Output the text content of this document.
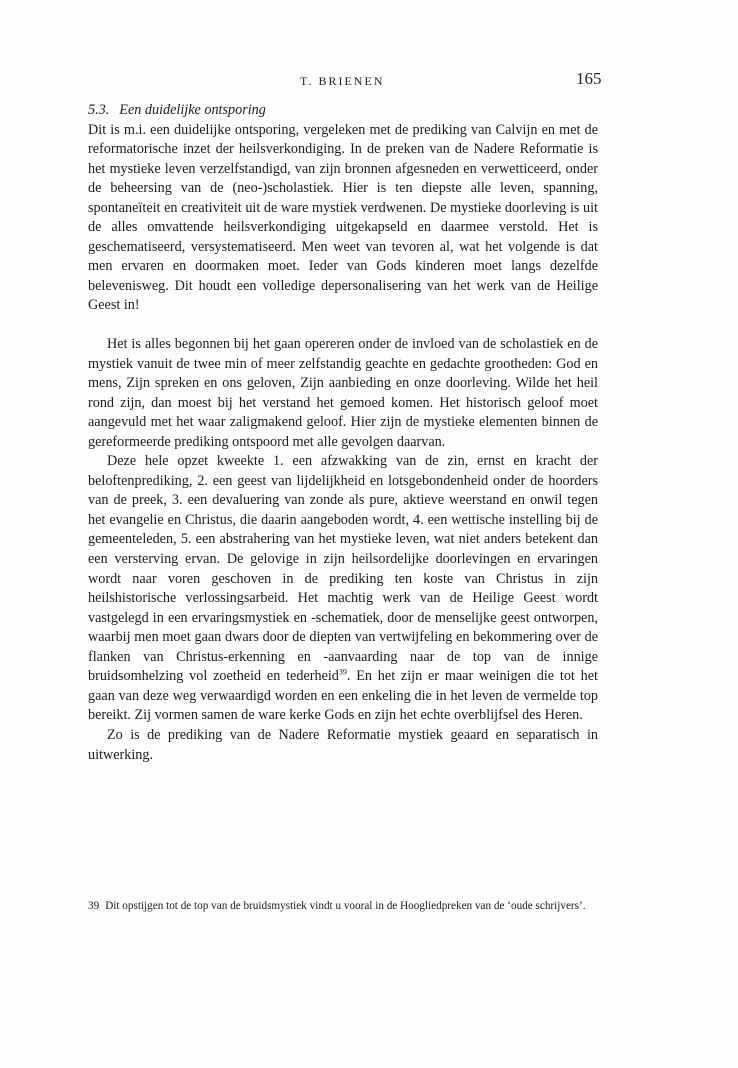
T. BRIENEN	165

5.3. Een duidelijke ontsporing

Dit is m.i. een duidelijke ontsporing, vergeleken met de prediking van Calvijn en met de reformatorische inzet der heilsverkondiging. In de preken van de Nadere Reformatie is het mystieke leven verzelfstandigd, van zijn bronnen afgesneden en verwetticeerd, onder de beheersing van de (neo-)scholastiek. Hier is ten diepste alle leven, spanning, spontaneïteit en creativiteit uit de ware mystiek verdwenen. De mystieke doorleving is uit de alles omvattende heilsverkondiging uitgekapseld en daarmee verstold. Het is geschematiseerd, versystematiseerd. Men weet van tevoren al, wat het volgende is dat men ervaren en doormaken moet. Ieder van Gods kinderen moet langs dezelfde belevenisweg. Dit houdt een volledige depersonalisering van het werk van de Heilige Geest in!

Het is alles begonnen bij het gaan opereren onder de invloed van de scholastiek en de mystiek vanuit de twee min of meer zelfstandig geachte en gedachte grootheden: God en mens, Zijn spreken en ons geloven, Zijn aanbieding en onze doorleving. Wilde het heil rond zijn, dan moest bij het verstand het gemoed komen. Het historisch geloof moet aangevuld met het waar zaligmakend geloof. Hier zijn de mystieke elementen binnen de gereformeerde prediking ontspoord met alle gevolgen daarvan.

Deze hele opzet kweekte 1. een afzwakking van de zin, ernst en kracht der beloftenprediking, 2. een geest van lijdelijkheid en lotsgebondenheid onder de hoorders van de preek, 3. een devaluering van zonde als pure, aktieve weerstand en onwil tegen het evangelie en Christus, die daarin aangeboden wordt, 4. een wettische instelling bij de gemeenteleden, 5. een abstrahering van het mystieke leven, wat niet anders betekent dan een versterving ervan. De gelovige in zijn heilsordelijke doorlevingen en ervaringen wordt naar voren geschoven in de prediking ten koste van Christus in zijn heilshistorische verlossingsarbeid. Het machtig werk van de Heilige Geest wordt vastgelegd in een ervaringsmystiek en -schematiek, door de menselijke geest ontworpen, waarbij men moet gaan dwars door de diepten van vertwijfeling en bekommering over de flanken van Christus-erkenning en -aanvaarding naar de top van de innige bruidsomhelzing vol zoetheid en tederheid$^{39}$. En het zijn er maar weinigen die tot het gaan van deze weg verwaardigd worden en een enkeling die in het leven de vermelde top bereikt. Zij vormen samen de ware kerke Gods en zijn het echte overblijfsel des Heren.

Zo is de prediking van de Nadere Reformatie mystiek geaard en separatisch in uitwerking.

39 Dit opstijgen tot de top van de bruidsmystiek vindt u vooral in de Hoogliedpreken van de ‘oude schrijvers’.
